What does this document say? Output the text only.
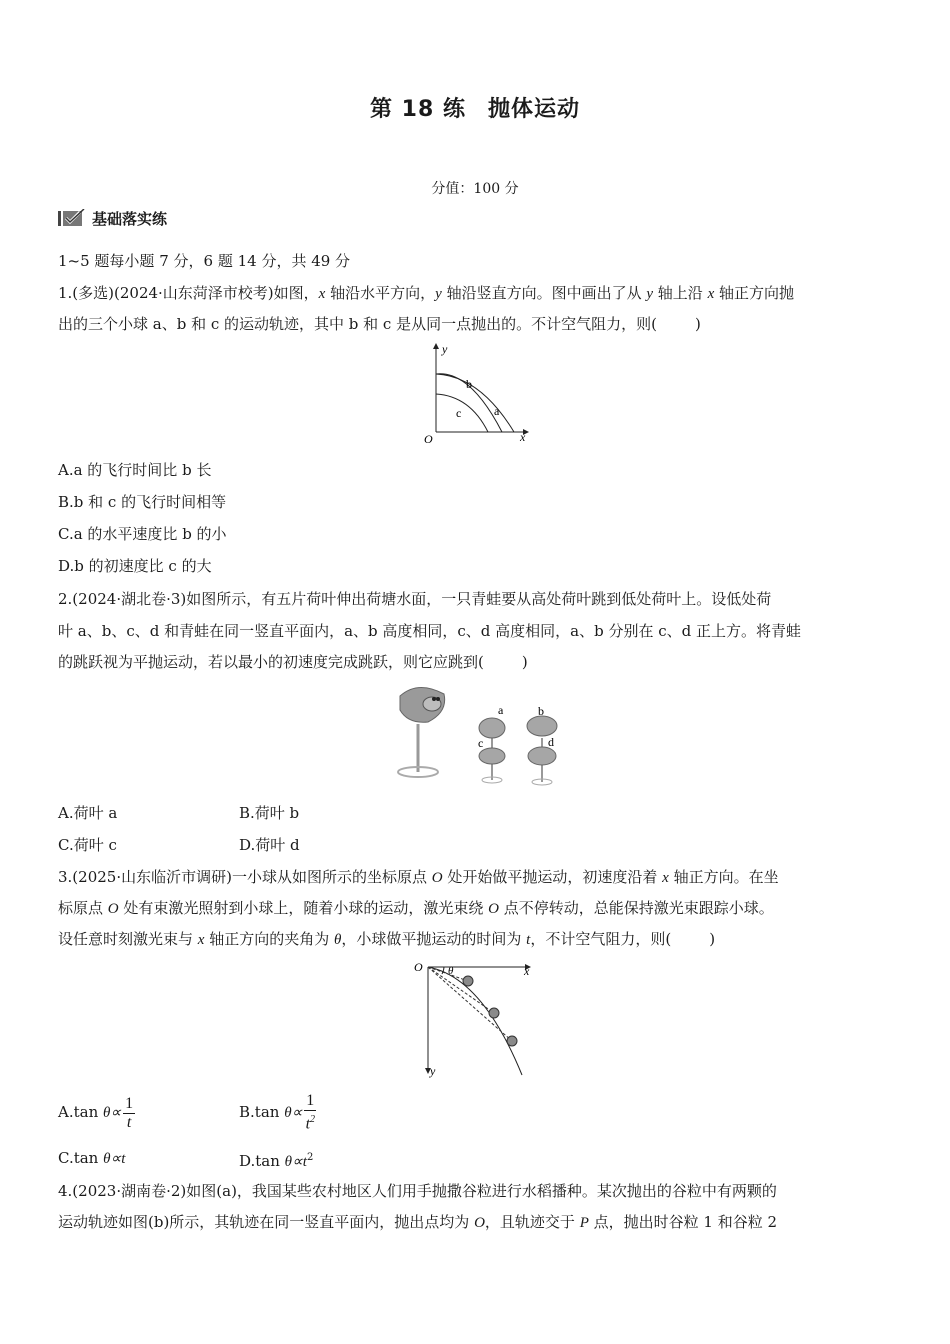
第 18 练 抛体运动
分值：100 分
基础落实练
1~5 题每小题 7 分，6 题 14 分，共 49 分
1.(多选)(2024·山东菏泽市校考)如图，x 轴沿水平方向，y 轴沿竖直方向。图中画出了从 y 轴上沿 x 轴正方向抛
出的三个小球 a、b 和 c 的运动轨迹，其中 b 和 c 是从同一点抛出的。不计空气阻力，则(	)
y
x
O
b
c	a
A.a 的飞行时间比 b 长
B.b 和 c 的飞行时间相等
C.a 的水平速度比 b 的小
D.b 的初速度比 c 的大
2.(2024·湖北卷·3)如图所示，有五片荷叶伸出荷塘水面，一只青蛙要从高处荷叶跳到低处荷叶上。设低处荷
叶 a、b、c、d 和青蛙在同一竖直平面内，a、b 高度相同，c、d 高度相同，a、b 分别在 c、d 正上方。将青蛙
的跳跃视为平抛运动，若以最小的初速度完成跳跃，则它应跳到(	)
a	b
c	d
A.荷叶 a	B.荷叶 b
C.荷叶 c	D.荷叶 d
3.(2025·山东临沂市调研)一小球从如图所示的坐标原点 O 处开始做平抛运动，初速度沿着 x 轴正方向。在坐
标原点 O 处有束激光照射到小球上，随着小球的运动，激光束绕 O 点不停转动，总能保持激光束跟踪小球。
设任意时刻激光束与 x 轴正方向的夹角为 θ，小球做平抛运动的时间为 t，不计空气阻力，则(	)
O	x
y
θ
A.tan $\theta\propto \frac{1}{t}$	B.tan $\theta\propto \frac{1}{t^2}$
C.tan θ∝t	D.tan $\theta\propto t^2$
4.(2023·湖南卷·2)如图(a)，我国某些农村地区人们用手抛撒谷粒进行水稻播种。某次抛出的谷粒中有两颗的
运动轨迹如图(b)所示，其轨迹在同一竖直平面内，抛出点均为 O，且轨迹交于 P 点，抛出时谷粒 1 和谷粒 2
